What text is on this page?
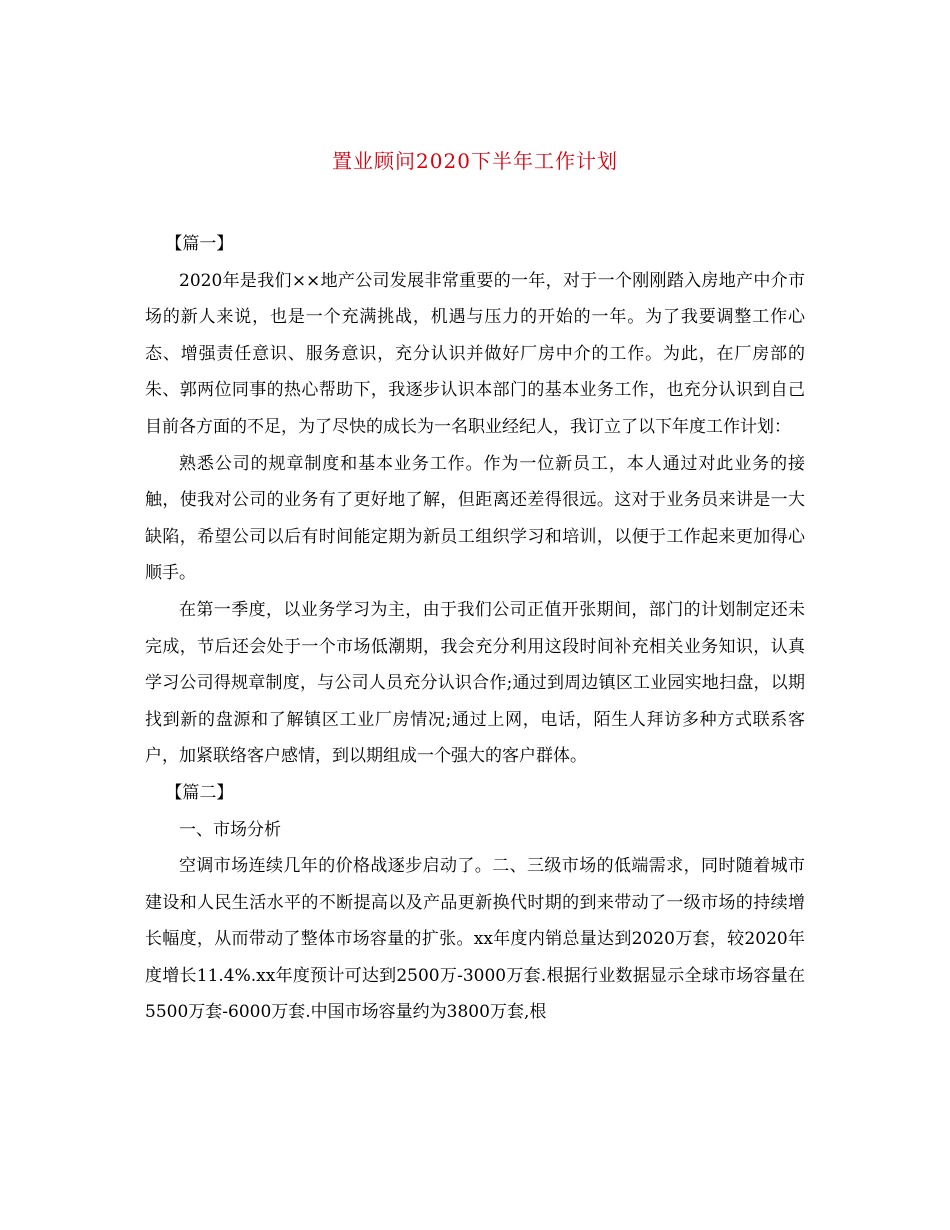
置业顾问2020下半年工作计划

【篇一】

2020年是我们××地产公司发展非常重要的一年，对于一个刚刚踏入房地产中介市场的新人来说，也是一个充满挑战，机遇与压力的开始的一年。为了我要调整工作心态、增强责任意识、服务意识，充分认识并做好厂房中介的工作。为此，在厂房部的朱、郭两位同事的热心帮助下，我逐步认识本部门的基本业务工作，也充分认识到自己目前各方面的不足，为了尽快的成长为一名职业经纪人，我订立了以下年度工作计划：

熟悉公司的规章制度和基本业务工作。作为一位新员工，本人通过对此业务的接触，使我对公司的业务有了更好地了解，但距离还差得很远。这对于业务员来讲是一大缺陷，希望公司以后有时间能定期为新员工组织学习和培训，以便于工作起来更加得心顺手。

在第一季度，以业务学习为主，由于我们公司正值开张期间，部门的计划制定还未完成，节后还会处于一个市场低潮期，我会充分利用这段时间补充相关业务知识，认真学习公司得规章制度，与公司人员充分认识合作;通过到周边镇区工业园实地扫盘，以期找到新的盘源和了解镇区工业厂房情况;通过上网，电话，陌生人拜访多种方式联系客户，加紧联络客户感情，到以期组成一个强大的客户群体。

【篇二】

一、市场分析

空调市场连续几年的价格战逐步启动了。二、三级市场的低端需求，同时随着城市建设和人民生活水平的不断提高以及产品更新换代时期的到来带动了一级市场的持续增长幅度，从而带动了整体市场容量的扩张。xx年度内销总量达到2020万套，较2020年度增长11.4%.xx年度预计可达到2500万-3000万套.根据行业数据显示全球市场容量在5500万套-6000万套.中国市场容量约为3800万套,根
